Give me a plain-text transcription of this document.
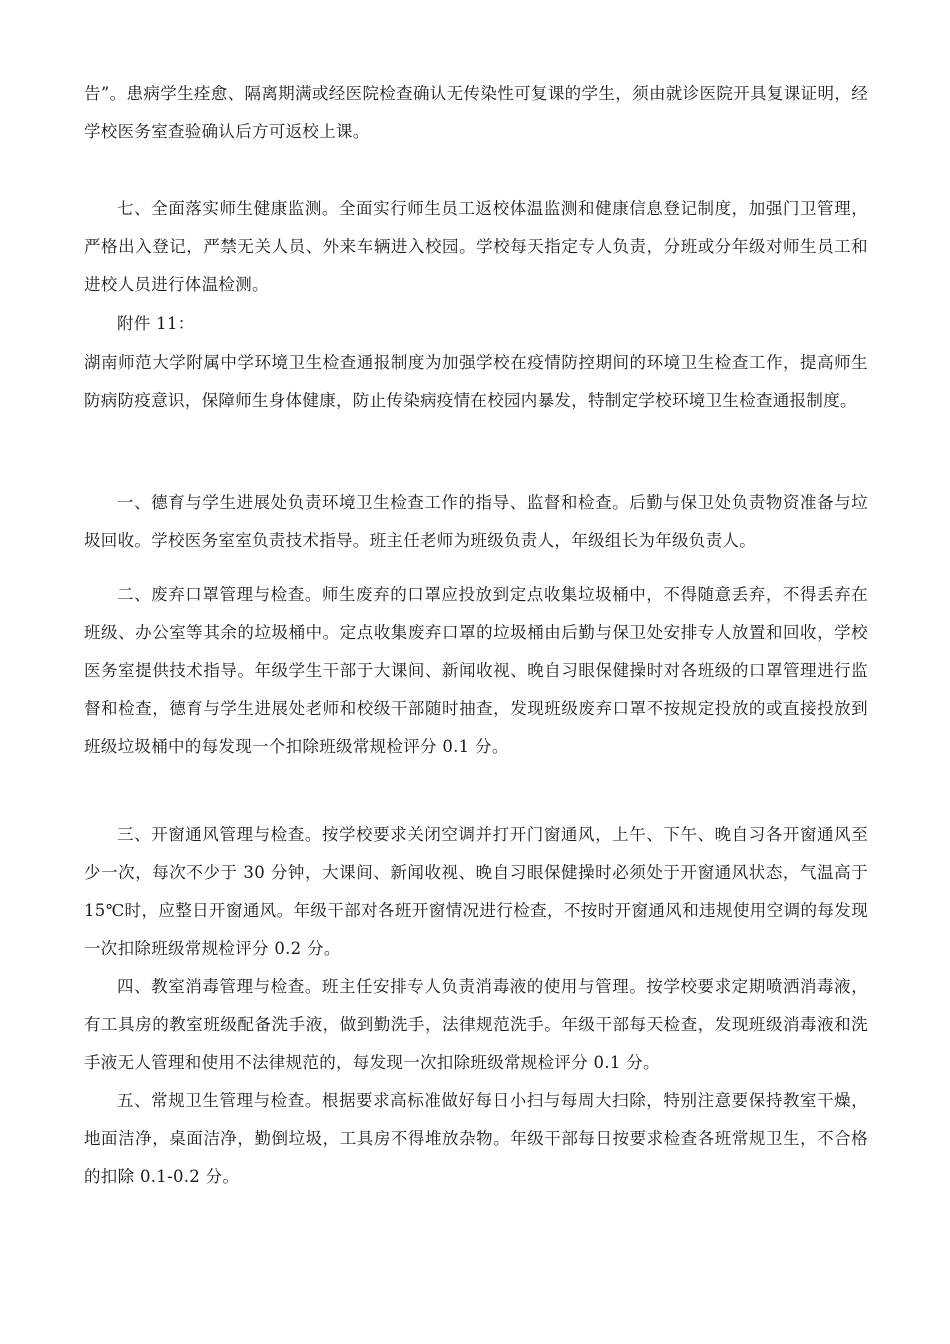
告”。患病学生痊愈、隔离期满或经医院检查确认无传染性可复课的学生，须由就诊医院开具复课证明，经学校医务室查验确认后方可返校上课。

七、全面落实师生健康监测。全面实行师生员工返校体温监测和健康信息登记制度，加强门卫管理，严格出入登记，严禁无关人员、外来车辆进入校园。学校每天指定专人负责，分班或分年级对师生员工和进校人员进行体温检测。

附件 11：

湖南师范大学附属中学环境卫生检查通报制度为加强学校在疫情防控期间的环境卫生检查工作，提高师生防病防疫意识，保障师生身体健康，防止传染病疫情在校园内暴发，特制定学校环境卫生检查通报制度。

一、德育与学生进展处负责环境卫生检查工作的指导、监督和检查。后勤与保卫处负责物资准备与垃圾回收。学校医务室室负责技术指导。班主任老师为班级负责人，年级组长为年级负责人。

二、废弃口罩管理与检查。师生废弃的口罩应投放到定点收集垃圾桶中，不得随意丢弃，不得丢弃在班级、办公室等其余的垃圾桶中。定点收集废弃口罩的垃圾桶由后勤与保卫处安排专人放置和回收，学校医务室提供技术指导。年级学生干部于大课间、新闻收视、晚自习眼保健操时对各班级的口罩管理进行监督和检查，德育与学生进展处老师和校级干部随时抽查，发现班级废弃口罩不按规定投放的或直接投放到班级垃圾桶中的每发现一个扣除班级常规检评分 0.1 分。

三、开窗通风管理与检查。按学校要求关闭空调并打开门窗通风，上午、下午、晚自习各开窗通风至少一次，每次不少于 30 分钟，大课间、新闻收视、晚自习眼保健操时必须处于开窗通风状态，气温高于 15℃时，应整日开窗通风。年级干部对各班开窗情况进行检查，不按时开窗通风和违规使用空调的每发现一次扣除班级常规检评分 0.2 分。

四、教室消毒管理与检查。班主任安排专人负责消毒液的使用与管理。按学校要求定期喷洒消毒液，有工具房的教室班级配备洗手液，做到勤洗手，法律规范洗手。年级干部每天检查，发现班级消毒液和洗手液无人管理和使用不法律规范的，每发现一次扣除班级常规检评分 0.1 分。

五、常规卫生管理与检查。根据要求高标准做好每日小扫与每周大扫除，特别注意要保持教室干燥，地面洁净，桌面洁净，勤倒垃圾，工具房不得堆放杂物。年级干部每日按要求检查各班常规卫生，不合格的扣除 0.1-0.2 分。
